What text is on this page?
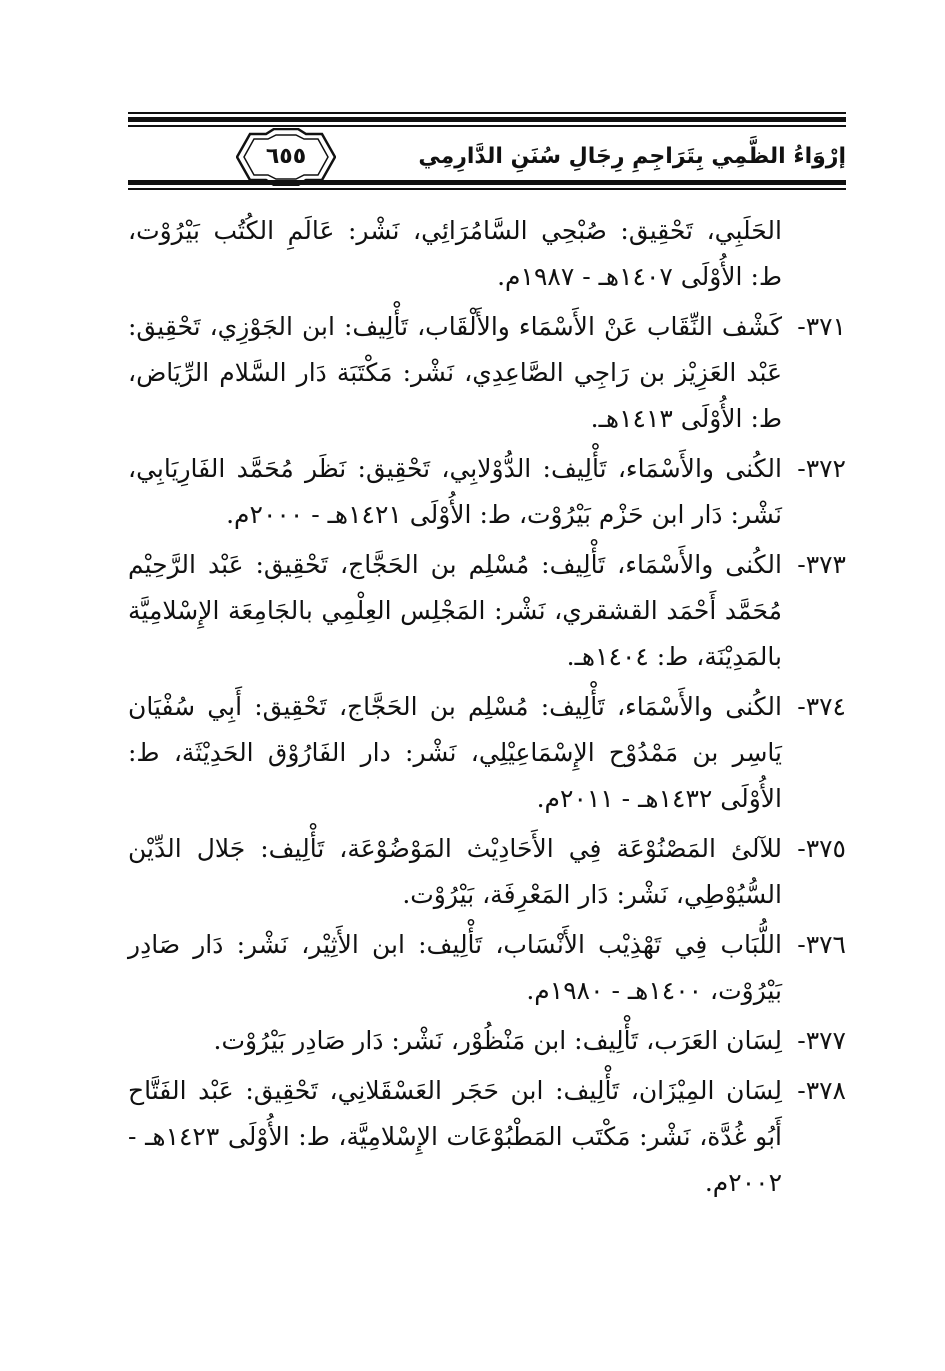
٦٥٥	إرْوَاءُ الظَّمِي بِتَرَاجِمِ رِجَالِ سُنَنِ الدَّارِمِي
الحَلَبِي، تَحْقِيق: صُبْحِي السَّامُرَائِي، نَشْر: عَالَمِ الكُتُب بَيْرُوْت، ط: الأُوْلَى ١٤٠٧هـ - ١٩٨٧م.
٣٧١-
كَشْف النِّقَاب عَنْ الأَسْمَاء والأَلْقَاب، تَأْلِيف: ابن الجَوْزِي، تَحْقِيق: عَبْد العَزِيْز بن رَاجِي الصَّاعِدِي، نَشْر: مَكْتَبَة دَار السَّلام الرِّيَاض، ط: الأُوْلَى ١٤١٣هـ.
٣٧٢-
الكُنى والأَسْمَاء، تَأْلِيف: الدُّوْلابِي، تَحْقِيق: نَظَر مُحَمَّد الفَارِيَابِي، نَشْر: دَار ابن حَزْم بَيْرُوْت، ط: الأُوْلَى ١٤٢١هـ - ٢٠٠٠م.
٣٧٣-
الكُنى والأَسْمَاء، تَأْلِيف: مُسْلِم بن الحَجَّاج، تَحْقِيق: عَبْد الرَّحِيْم مُحَمَّد أَحْمَد القشقري، نَشْر: المَجْلِس العِلْمِي بالجَامِعَة الإِسْلامِيَّة بالمَدِيْنَة، ط: ١٤٠٤هـ.
٣٧٤-
الكُنى والأَسْمَاء، تَأْلِيف: مُسْلِم بن الحَجَّاج، تَحْقِيق: أَبِي سُفْيَان يَاسِر بن مَمْدُوْح الإِسْمَاعِيْلِي، نَشْر: دار الفَارُوْق الحَدِيْثَة، ط: الأُوْلَى ١٤٣٢هـ - ٢٠١١م.
٣٧٥-
للآلئ المَصْنُوْعَة فِي الأَحَادِيْث المَوْضُوْعَة، تَأْلِيف: جَلال الدِّيْن السُّيُوْطِي، نَشْر: دَار المَعْرِفَة، بَيْرُوْت.
٣٧٦-
اللُّبَاب فِي تَهْذِيْب الأَنْسَاب، تَأْلِيف: ابن الأَثِيْر، نَشْر: دَار صَادِر بَيْرُوْت، ١٤٠٠هـ - ١٩٨٠م.
٣٧٧-
لِسَان العَرَب، تَأْلِيف: ابن مَنْظُوْر، نَشْر: دَار صَادِر بَيْرُوْت.
٣٧٨-
لِسَان المِيْزَان، تَأْلِيف: ابن حَجَر العَسْقَلانِي، تَحْقِيق: عَبْد الفَتَّاح أَبُو غُدَّة، نَشْر: مَكْتَب المَطْبُوْعَات الإِسْلامِيَّة، ط: الأُوْلَى ١٤٢٣هـ - ٢٠٠٢م.
